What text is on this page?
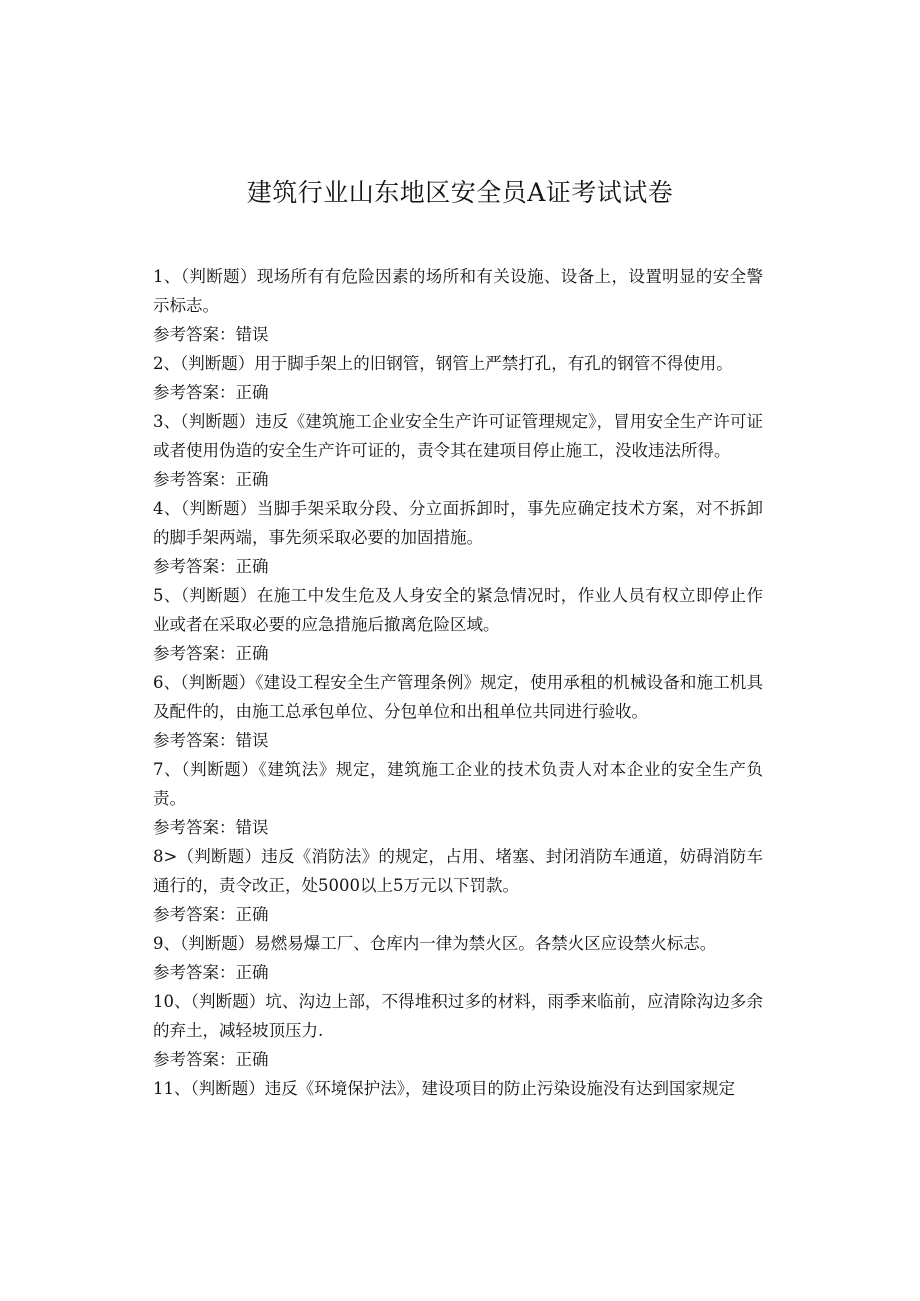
建筑行业山东地区安全员A证考试试卷

1、（判断题）现场所有有危险因素的场所和有关设施、设备上，设置明显的安全警示标志。

参考答案：错误

2、（判断题）用于脚手架上的旧钢管，钢管上严禁打孔，有孔的钢管不得使用。

参考答案：正确

3、（判断题）违反《建筑施工企业安全生产许可证管理规定》，冒用安全生产许可证或者使用伪造的安全生产许可证的，责令其在建项目停止施工，没收违法所得。

参考答案：正确

4、（判断题）当脚手架采取分段、分立面拆卸时，事先应确定技术方案，对不拆卸的脚手架两端，事先须采取必要的加固措施。

参考答案：正确

5、（判断题）在施工中发生危及人身安全的紧急情况时，作业人员有权立即停止作业或者在采取必要的应急措施后撤离危险区域。

参考答案：正确

6、（判断题）《建设工程安全生产管理条例》规定，使用承租的机械设备和施工机具及配件的，由施工总承包单位、分包单位和出租单位共同进行验收。

参考答案：错误

7、（判断题）《建筑法》规定，建筑施工企业的技术负责人对本企业的安全生产负责。

参考答案：错误

8>（判断题）违反《消防法》的规定，占用、堵塞、封闭消防车通道，妨碍消防车通行的，责令改正，处5000以上5万元以下罚款。

参考答案：正确

9、（判断题）易燃易爆工厂、仓库内一律为禁火区。各禁火区应设禁火标志。

参考答案：正确

10、（判断题）坑、沟边上部，不得堆积过多的材料，雨季来临前，应清除沟边多余的弃土，减轻坡顶压力.

参考答案：正确

11、（判断题）违反《环境保护法》，建设项目的防止污染设施没有达到国家规定
